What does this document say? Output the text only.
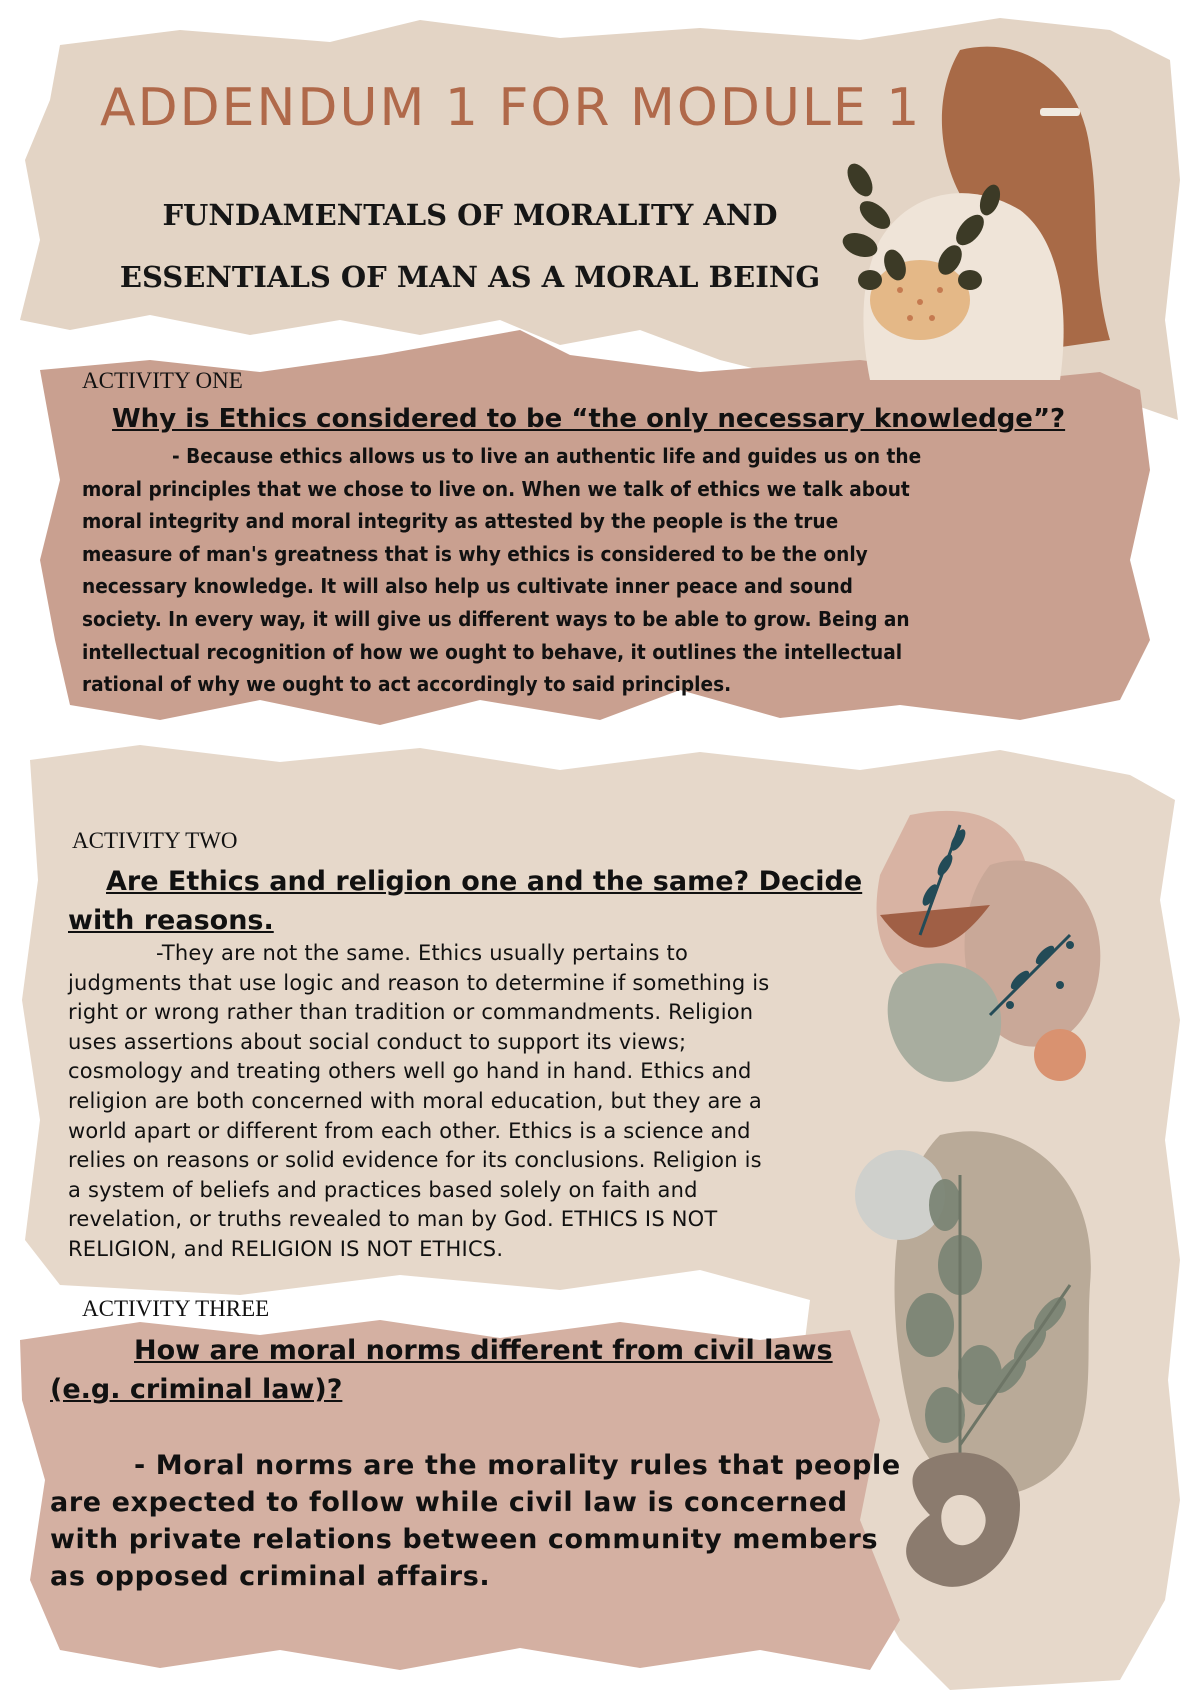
ADDENDUM 1 FOR MODULE 1
FUNDAMENTALS OF MORALITY AND
ESSENTIALS OF MAN AS A MORAL BEING
ACTIVITY ONE
Why is Ethics considered to be “the only necessary knowledge”?
- Because ethics allows us to live an authentic life and guides us on the
moral principles that we chose to live on. When we talk of ethics we talk about
moral integrity and moral integrity as attested by the people is the true
measure of man's greatness that is why ethics is considered to be the only
necessary knowledge. It will also help us cultivate inner peace and sound
society. In every way, it will give us different ways to be able to grow. Being an
intellectual recognition of how we ought to behave, it outlines the intellectual
rational of why we ought to act accordingly to said principles.
ACTIVITY TWO
Are Ethics and religion one and the same? Decide
with reasons.
-They are not the same. Ethics usually pertains to
judgments that use logic and reason to determine if something is
right or wrong rather than tradition or commandments. Religion
uses assertions about social conduct to support its views;
cosmology and treating others well go hand in hand. Ethics and
religion are both concerned with moral education, but they are a
world apart or different from each other. Ethics is a science and
relies on reasons or solid evidence for its conclusions. Religion is
a system of beliefs and practices based solely on faith and
revelation, or truths revealed to man by God. ETHICS IS NOT
RELIGION, and RELIGION IS NOT ETHICS.
ACTIVITY THREE
How are moral norms different from civil laws
(e.g. criminal law)?
- Moral norms are the morality rules that people
are expected to follow while civil law is concerned
with private relations between community members
as opposed criminal affairs.
